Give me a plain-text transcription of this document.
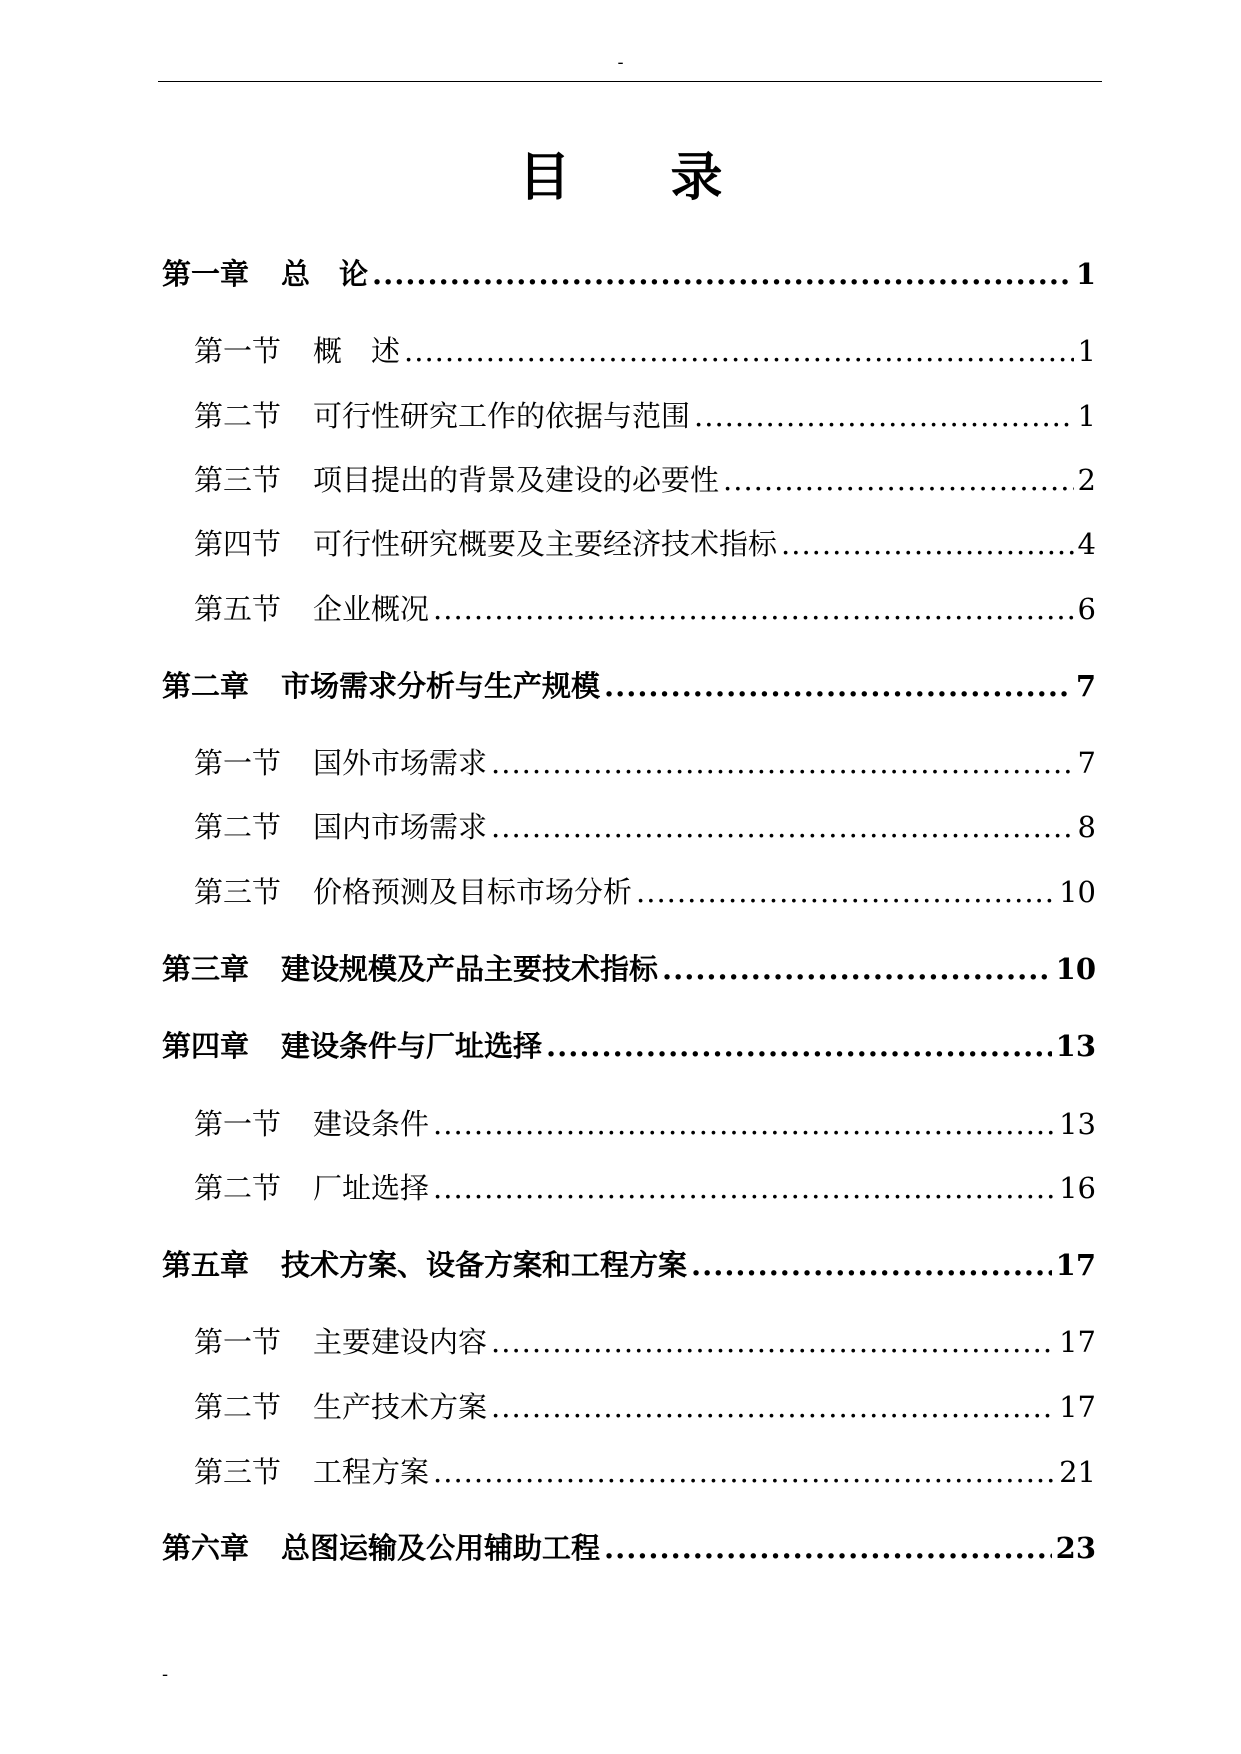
-
目 录
第一章 总　论 .....	1
第一节 概　述 .....	1
第二节 可行性研究工作的依据与范围 .....	1
第三节 项目提出的背景及建设的必要性 .....	2
第四节 可行性研究概要及主要经济技术指标 .....	4
第五节 企业概况 .....	6
第二章 市场需求分析与生产规模 .....	7
第一节 国外市场需求 .....	7
第二节 国内市场需求 .....	8
第三节 价格预测及目标市场分析 .....	10
第三章 建设规模及产品主要技术指标 .....	10
第四章 建设条件与厂址选择 .....	13
第一节 建设条件 .....	13
第二节 厂址选择 .....	16
第五章 技术方案、设备方案和工程方案 .....	17
第一节 主要建设内容 .....	17
第二节 生产技术方案 .....	17
第三节 工程方案 .....	21
第六章 总图运输及公用辅助工程 .....	23
-
